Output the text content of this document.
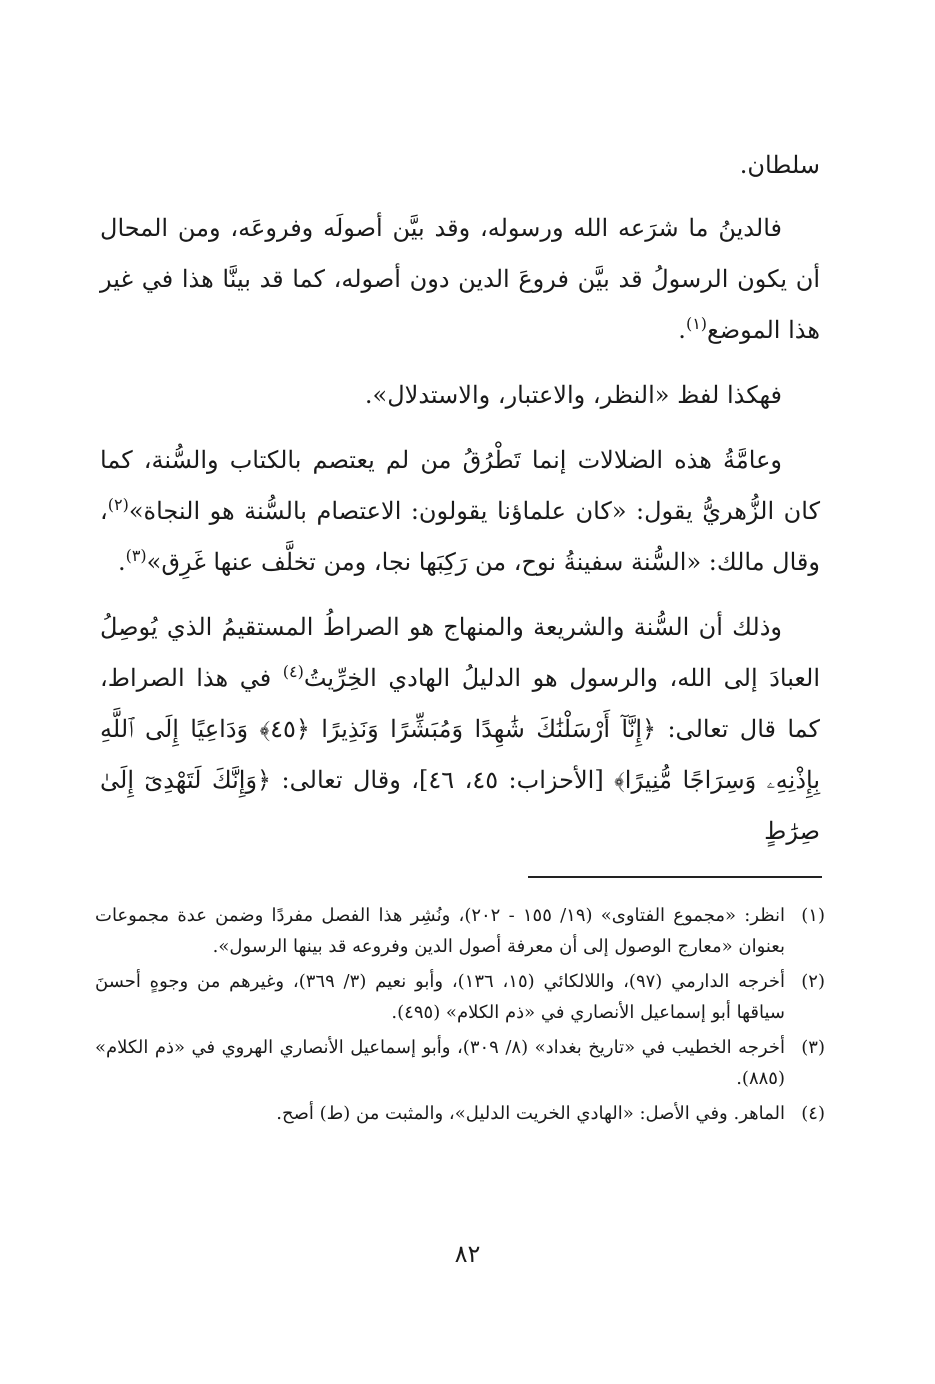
سلطان.

فالدينُ ما شرَعه الله ورسوله، وقد بيَّن أصولَه وفروعَه، ومن المحال أن يكون الرسولُ قد بيَّن فروعَ الدين دون أصوله، كما قد بينَّا هذا في غير هذا الموضع$^{(١)}$.

فهكذا لفظ «النظر، والاعتبار، والاستدلال».

وعامَّةُ هذه الضلالات إنما تَطْرُقُ من لم يعتصم بالكتاب والسُّنة، كما كان الزُّهريُّ يقول: «كان علماؤنا يقولون: الاعتصام بالسُّنة هو النجاة»$^{(٢)}$، وقال مالك: «السُّنة سفينةُ نوح، من رَكِبَها نجا، ومن تخلَّف عنها غَرِق»$^{(٣)}$.

وذلك أن السُّنة والشريعة والمنهاج هو الصراطُ المستقيمُ الذي يُوصِلُ العبادَ إلى الله، والرسول هو الدليلُ الهادي الخِرِّيتُ$^{(٤)}$ في هذا الصراط، كما قال تعالى: ﴿إِنَّآ أَرْسَلْنَٰكَ شَٰهِدًا وَمُبَشِّرًا وَنَذِيرًا ﴿٤٥﴾ وَدَاعِيًا إِلَى ٱللَّهِ بِإِذْنِهِۦ وَسِرَاجًا مُّنِيرًا﴾ [الأحزاب: ٤٥، ٤٦]، وقال تعالى: ﴿وَإِنَّكَ لَتَهْدِىٓ إِلَىٰ صِرَٰطٍ

(١)
انظر: «مجموع الفتاوى» (١٩/ ١٥٥ - ٢٠٢)، ونُشِر هذا الفصل مفردًا وضمن عدة مجموعات بعنوان «معارج الوصول إلى أن معرفة أصول الدين وفروعه قد بينها الرسول».
(٢)
أخرجه الدارمي (٩٧)، واللالكائي (١٥، ١٣٦)، وأبو نعيم (٣/ ٣٦٩)، وغيرهم من وجوهٍ أحسنَ سياقها أبو إسماعيل الأنصاري في «ذم الكلام» (٤٩٥).
(٣)
أخرجه الخطيب في «تاريخ بغداد» (٨/ ٣٠٩)، وأبو إسماعيل الأنصاري الهروي في «ذم الكلام» (٨٨٥).
(٤)
الماهر. وفي الأصل: «الهادي الخريت الدليل»، والمثبت من (ط) أصح.
٨٢
